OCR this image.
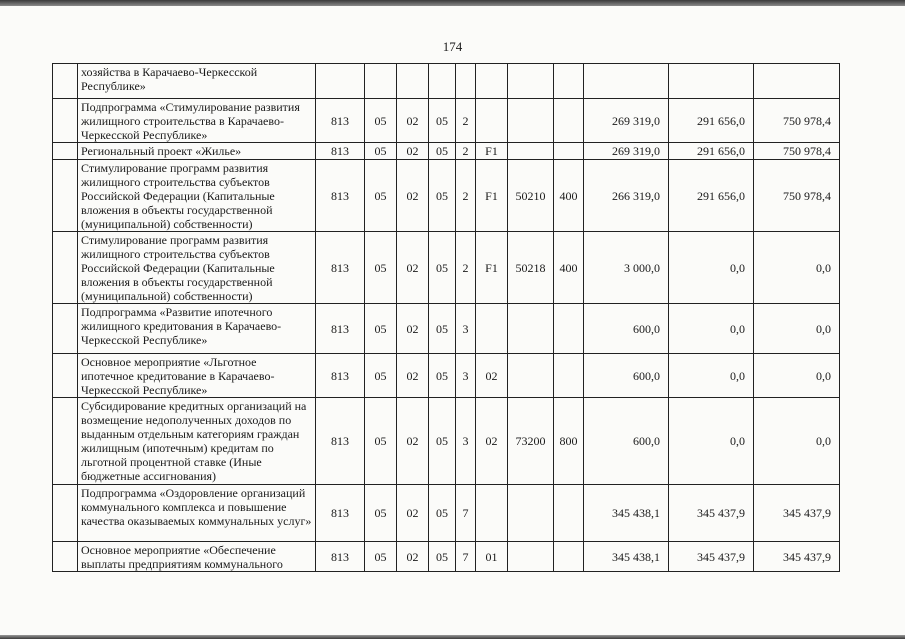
174
	хозяйства в Карачаево-Черкесской Республике»											
	Подпрограмма «Стимулирование развития жилищного строительства в Карачаево-Черкесской Республике»	813	05	02	05	2				269 319,0	291 656,0	750 978,4
	Региональный проект «Жилье»	813	05	02	05	2	F1			269 319,0	291 656,0	750 978,4
	Стимулирование программ развития жилищного строительства субъектов Российской Федерации (Капитальные вложения в объекты государственной (муниципальной) собственности)	813	05	02	05	2	F1	50210	400	266 319,0	291 656,0	750 978,4
	Стимулирование программ развития жилищного строительства субъектов Российской Федерации (Капитальные вложения в объекты государственной (муниципальной) собственности)	813	05	02	05	2	F1	50218	400	3 000,0	0,0	0,0
	Подпрограмма «Развитие ипотечного жилищного кредитования в Карачаево-Черкесской Республике»	813	05	02	05	3				600,0	0,0	0,0
	Основное мероприятие «Льготное ипотечное кредитование в Карачаево-Черкесской Республике»	813	05	02	05	3	02			600,0	0,0	0,0
	Субсидирование кредитных организаций на возмещение недополученных доходов по выданным отдельным категориям граждан жилищным (ипотечным) кредитам по льготной процентной ставке (Иные бюджетные ассигнования)	813	05	02	05	3	02	73200	800	600,0	0,0	0,0
	Подпрограмма «Оздоровление организаций коммунального комплекса и повышение качества оказываемых коммунальных услуг»	813	05	02	05	7				345 438,1	345 437,9	345 437,9
	Основное мероприятие «Обеспечение выплаты предприятиям коммунального	813	05	02	05	7	01			345 438,1	345 437,9	345 437,9
